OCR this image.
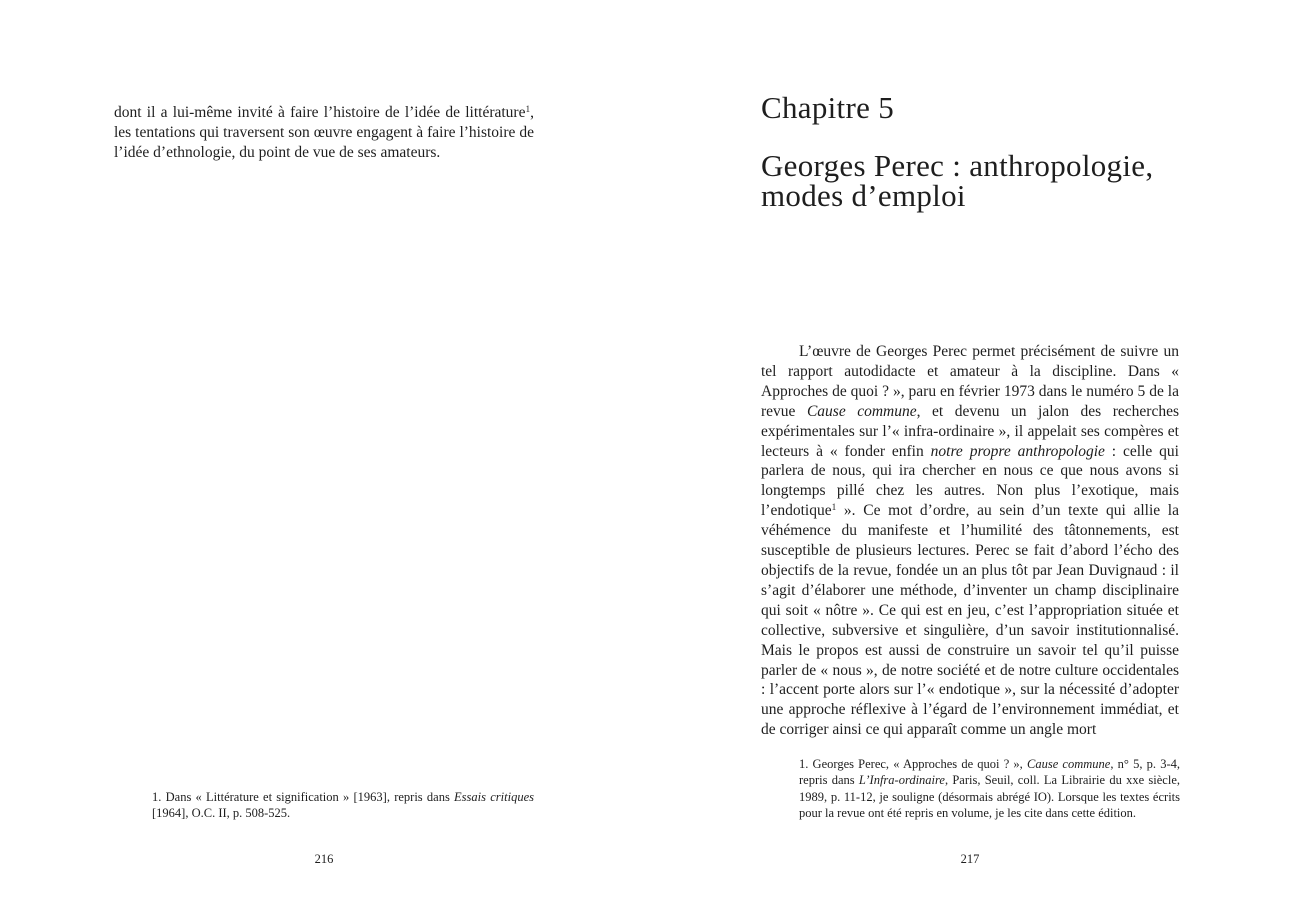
dont il a lui-même invité à faire l’histoire de l’idée de littérature$^1$, les tentations qui traversent son œuvre engagent à faire l’histoire de l’idée d’ethnologie, du point de vue de ses amateurs.

1. Dans « Littérature et signification » [1963], repris dans Essais critiques [1964], O.C. II, p. 508-525.
216
Chapitre 5
Georges Perec : anthropologie,
modes d’emploi

L’œuvre de Georges Perec permet précisément de suivre un tel rapport autodidacte et amateur à la discipline. Dans « Approches de quoi ? », paru en février 1973 dans le numéro 5 de la revue Cause commune, et devenu un jalon des recherches expérimentales sur l’« infra-ordinaire », il appelait ses compères et lecteurs à « fonder enfin notre propre anthropologie : celle qui parlera de nous, qui ira chercher en nous ce que nous avons si longtemps pillé chez les autres. Non plus l’exotique, mais l’endotique$^1$ ». Ce mot d’ordre, au sein d’un texte qui allie la véhémence du manifeste et l’humilité des tâtonnements, est susceptible de plusieurs lectures. Perec se fait d’abord l’écho des objectifs de la revue, fondée un an plus tôt par Jean Duvignaud : il s’agit d’élaborer une méthode, d’inventer un champ disciplinaire qui soit « nôtre ». Ce qui est en jeu, c’est l’appropriation située et collective, subversive et singulière, d’un savoir institutionnalisé. Mais le propos est aussi de construire un savoir tel qu’il puisse parler de « nous », de notre société et de notre culture occidentales : l’accent porte alors sur l’« endotique », sur la nécessité d’adopter une approche réflexive à l’égard de l’environnement immédiat, et de corriger ainsi ce qui apparaît comme un angle mort

1. Georges Perec, « Approches de quoi ? », Cause commune, n° 5, p. 3-4, repris dans L’Infra-ordinaire, Paris, Seuil, coll. La Librairie du xxe siècle, 1989, p. 11-12, je souligne (désormais abrégé IO). Lorsque les textes écrits pour la revue ont été repris en volume, je les cite dans cette édition.
217
